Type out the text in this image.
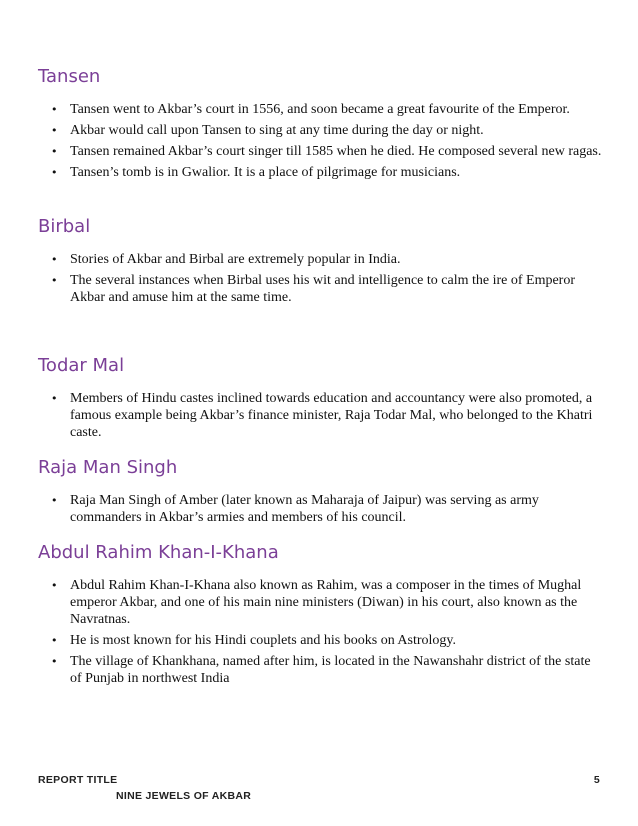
Tansen
• Tansen went to Akbar’s court in 1556, and soon became a great favourite of the Emperor.
• Akbar would call upon Tansen to sing at any time during the day or night.
• Tansen remained Akbar’s court singer till 1585 when he died. He composed several new ragas.
• Tansen’s tomb is in Gwalior. It is a place of pilgrimage for musicians.
Birbal
• Stories of Akbar and Birbal are extremely popular in India.
• The several instances when Birbal uses his wit and intelligence to calm the ire of Emperor Akbar and amuse him at the same time.
Todar Mal
• Members of Hindu castes inclined towards education and accountancy were also promoted, a famous example being Akbar’s finance minister, Raja Todar Mal, who belonged to the Khatri caste.
Raja Man Singh
• Raja Man Singh of Amber (later known as Maharaja of Jaipur) was serving as army commanders in Akbar’s armies and members of his council.
Abdul Rahim Khan-I-Khana
• Abdul Rahim Khan-I-Khana also known as Rahim, was a composer in the times of Mughal emperor Akbar, and one of his main nine ministers (Diwan) in his court, also known as the Navratnas.
• He is most known for his Hindi couplets and his books on Astrology.
• The village of Khankhana, named after him, is located in the Nawanshahr district of the state of Punjab in northwest India
REPORT TITLE	5
NINE JEWELS OF AKBAR
